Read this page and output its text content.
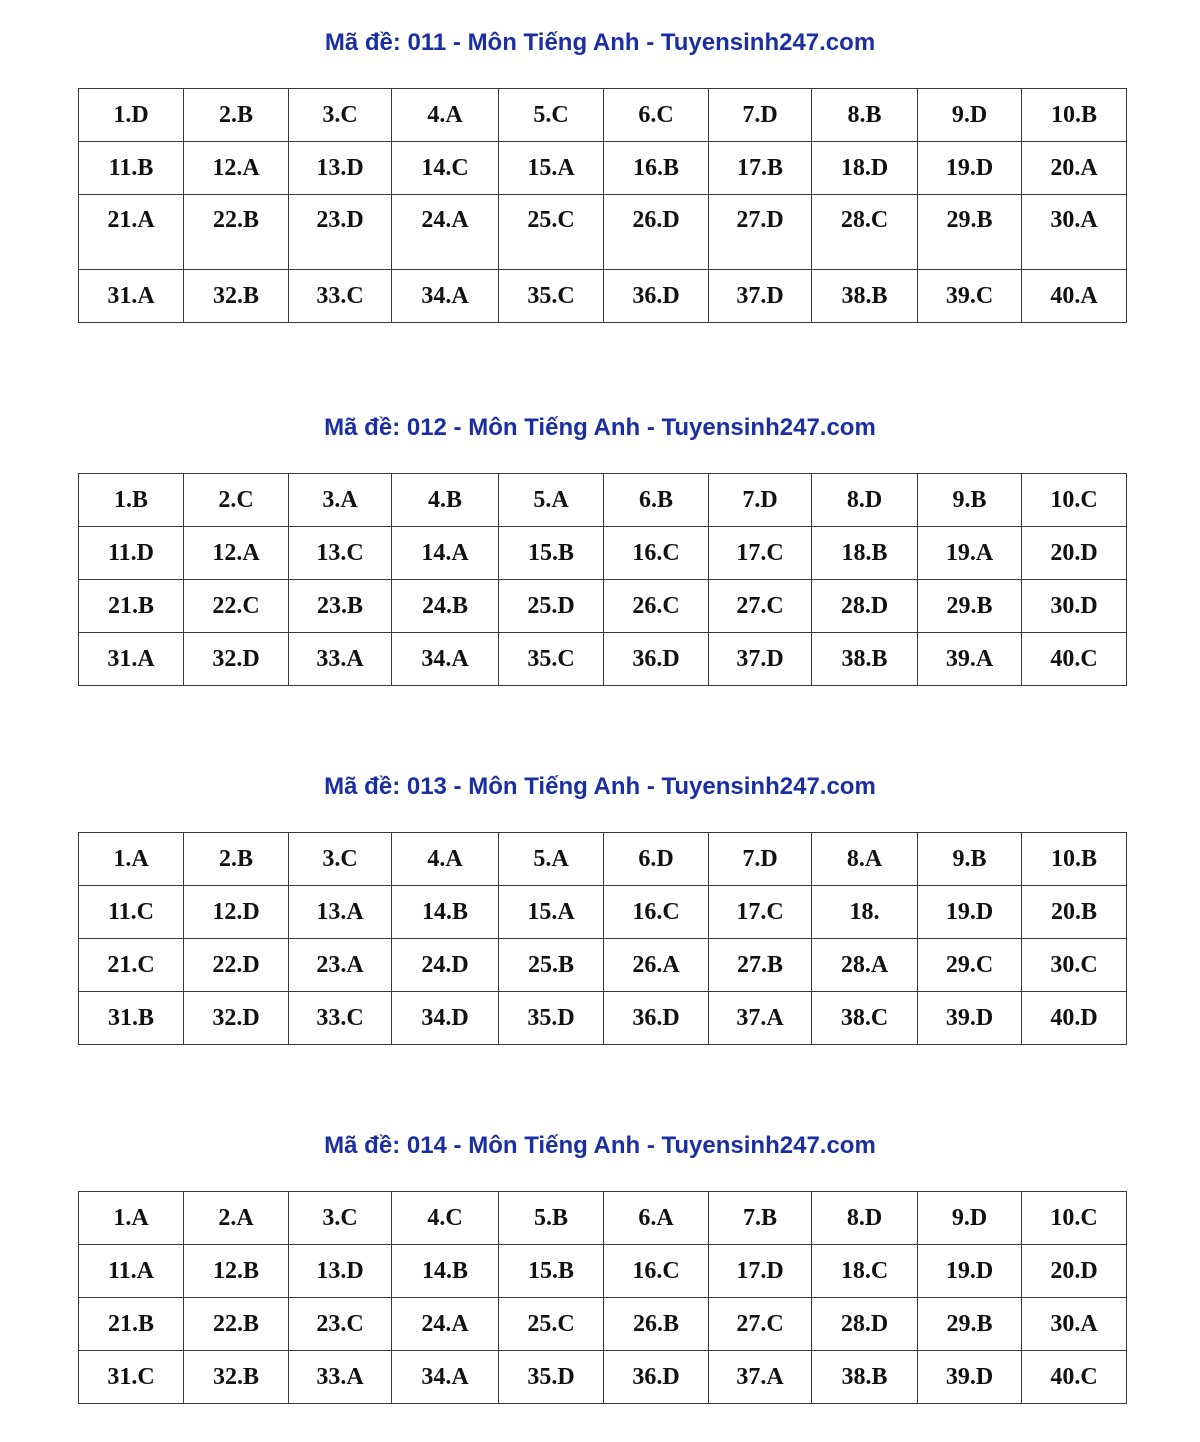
Mã đề: 011 - Môn Tiếng Anh - Tuyensinh247.com
1.D	2.B	3.C	4.A	5.C	6.C	7.D	8.B	9.D	10.B
11.B	12.A	13.D	14.C	15.A	16.B	17.B	18.D	19.D	20.A
21.A	22.B	23.D	24.A	25.C	26.D	27.D	28.C	29.B	30.A
31.A	32.B	33.C	34.A	35.C	36.D	37.D	38.B	39.C	40.A
Mã đề: 012 - Môn Tiếng Anh - Tuyensinh247.com
1.B	2.C	3.A	4.B	5.A	6.B	7.D	8.D	9.B	10.C
11.D	12.A	13.C	14.A	15.B	16.C	17.C	18.B	19.A	20.D
21.B	22.C	23.B	24.B	25.D	26.C	27.C	28.D	29.B	30.D
31.A	32.D	33.A	34.A	35.C	36.D	37.D	38.B	39.A	40.C
Mã đề: 013 - Môn Tiếng Anh - Tuyensinh247.com
1.A	2.B	3.C	4.A	5.A	6.D	7.D	8.A	9.B	10.B
11.C	12.D	13.A	14.B	15.A	16.C	17.C	18.	19.D	20.B
21.C	22.D	23.A	24.D	25.B	26.A	27.B	28.A	29.C	30.C
31.B	32.D	33.C	34.D	35.D	36.D	37.A	38.C	39.D	40.D
Mã đề: 014 - Môn Tiếng Anh - Tuyensinh247.com
1.A	2.A	3.C	4.C	5.B	6.A	7.B	8.D	9.D	10.C
11.A	12.B	13.D	14.B	15.B	16.C	17.D	18.C	19.D	20.D
21.B	22.B	23.C	24.A	25.C	26.B	27.C	28.D	29.B	30.A
31.C	32.B	33.A	34.A	35.D	36.D	37.A	38.B	39.D	40.C
